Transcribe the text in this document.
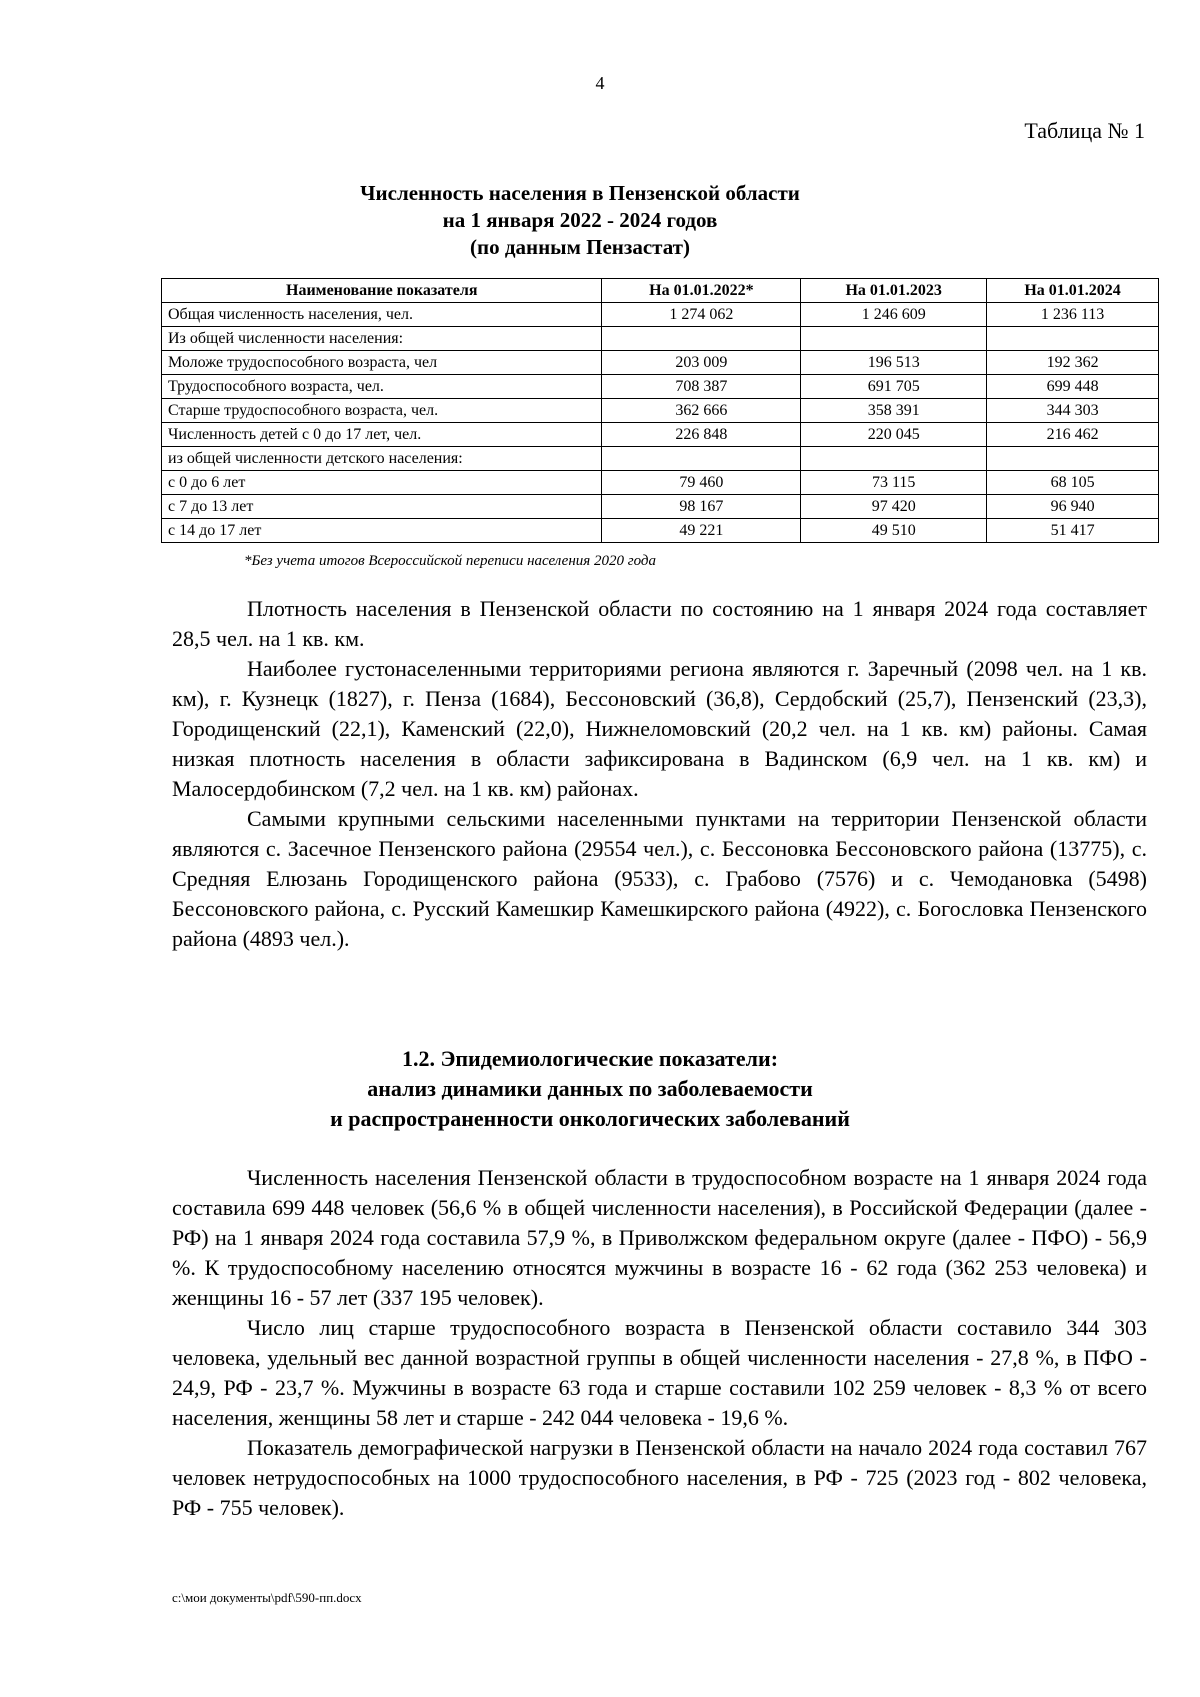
4
Таблица № 1
Численность населения в Пензенской области
на 1 января 2022 - 2024 годов
(по данным Пензастат)
Наименование показателя	На 01.01.2022*	На 01.01.2023	На 01.01.2024
Общая численность населения, чел.	1 274 062	1 246 609	1 236 113
Из общей численности населения:			
Моложе трудоспособного возраста, чел	203 009	196 513	192 362
Трудоспособного возраста, чел.	708 387	691 705	699 448
Старше трудоспособного возраста, чел.	362 666	358 391	344 303
Численность детей с 0 до 17 лет, чел.	226 848	220 045	216 462
из общей численности детского населения:			
с 0 до 6 лет	79 460	73 115	68 105
с 7 до 13 лет	98 167	97 420	96 940
с 14 до 17 лет	49 221	49 510	51 417
*Без учета итогов Всероссийской переписи населения 2020 года

Плотность населения в Пензенской области по состоянию на 1 января 2024 года составляет 28,5 чел. на 1 кв. км.

Наиболее густонаселенными территориями региона являются г. Заречный (2098 чел. на 1 кв. км), г. Кузнецк (1827), г. Пенза (1684), Бессоновский (36,8), Сердобский (25,7), Пензенский (23,3), Городищенский (22,1), Каменский (22,0), Нижнеломовский (20,2 чел. на 1 кв. км) районы. Самая низкая плотность населения в области зафиксирована в Вадинском (6,9 чел. на 1 кв. км) и Малосердобинском (7,2 чел. на 1 кв. км) районах.

Самыми крупными сельскими населенными пунктами на территории Пензенской области являются с. Засечное Пензенского района (29554 чел.), с. Бессоновка Бессоновского района (13775), с. Средняя Елюзань Городищенского района (9533), с. Грабово (7576) и с. Чемодановка (5498) Бессоновского района, с. Русский Камешкир Камешкирского района (4922), с. Богословка Пензенского района (4893 чел.).

1.2. Эпидемиологические показатели:
анализ динамики данных по заболеваемости
и распространенности онкологических заболеваний

Численность населения Пензенской области в трудоспособном возрасте на 1 января 2024 года составила 699 448 человек (56,6 % в общей численности населения), в Российской Федерации (далее - РФ) на 1 января 2024 года составила 57,9 %, в Приволжском федеральном округе (далее - ПФО) - 56,9 %. К трудоспособному населению относятся мужчины в возрасте 16 - 62 года (362 253 человека) и женщины 16 - 57 лет (337 195 человек).

Число лиц старше трудоспособного возраста в Пензенской области составило 344 303 человека, удельный вес данной возрастной группы в общей численности населения - 27,8 %, в ПФО - 24,9, РФ - 23,7 %. Мужчины в возрасте 63 года и старше составили 102 259 человек - 8,3 % от всего населения, женщины 58 лет и старше - 242 044 человека - 19,6 %.

Показатель демографической нагрузки в Пензенской области на начало 2024 года составил 767 человек нетрудоспособных на 1000 трудоспособного населения, в РФ - 725 (2023 год - 802 человека, РФ - 755 человек).

c:\мои документы\pdf\590-пп.docx
